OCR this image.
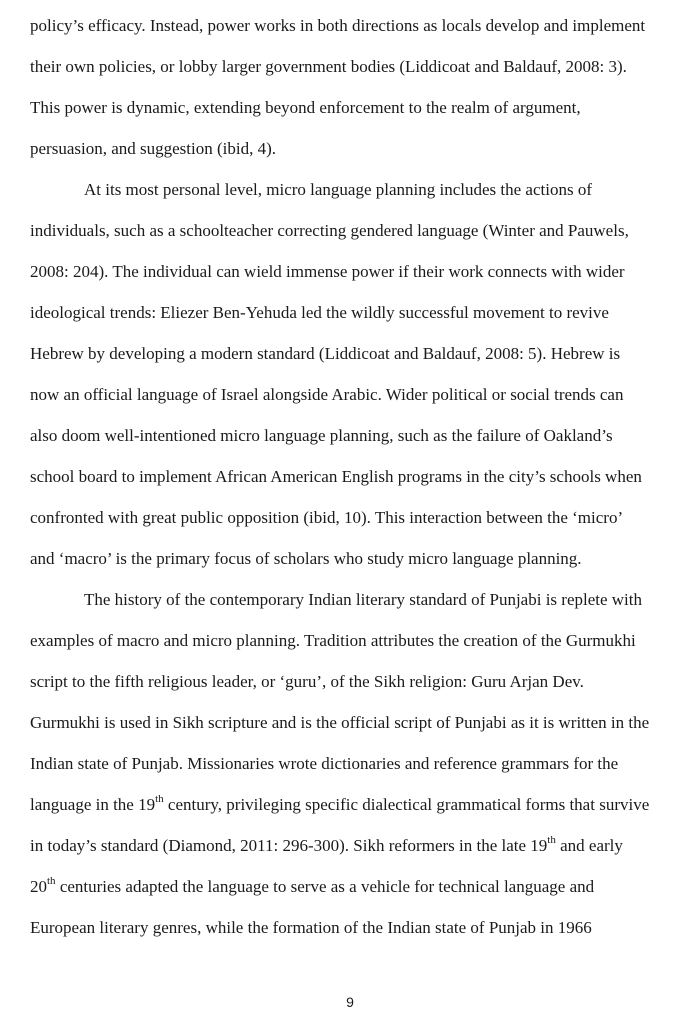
policy’s efficacy. Instead, power works in both directions as locals develop and implement
their own policies, or lobby larger government bodies (Liddicoat and Baldauf, 2008: 3).
This power is dynamic, extending beyond enforcement to the realm of argument,
persuasion, and suggestion (ibid, 4).
At its most personal level, micro language planning includes the actions of
individuals, such as a schoolteacher correcting gendered language (Winter and Pauwels,
2008: 204). The individual can wield immense power if their work connects with wider
ideological trends: Eliezer Ben-Yehuda led the wildly successful movement to revive
Hebrew by developing a modern standard (Liddicoat and Baldauf, 2008: 5). Hebrew is
now an official language of Israel alongside Arabic. Wider political or social trends can
also doom well-intentioned micro language planning, such as the failure of Oakland’s
school board to implement African American English programs in the city’s schools when
confronted with great public opposition (ibid, 10). This interaction between the ‘micro’
and ‘macro’ is the primary focus of scholars who study micro language planning.
The history of the contemporary Indian literary standard of Punjabi is replete with
examples of macro and micro planning. Tradition attributes the creation of the Gurmukhi
script to the fifth religious leader, or ‘guru’, of the Sikh religion: Guru Arjan Dev.
Gurmukhi is used in Sikh scripture and is the official script of Punjabi as it is written in the
Indian state of Punjab. Missionaries wrote dictionaries and reference grammars for the
language in the 19th century, privileging specific dialectical grammatical forms that survive
in today’s standard (Diamond, 2011: 296-300). Sikh reformers in the late 19th and early
20th centuries adapted the language to serve as a vehicle for technical language and
European literary genres, while the formation of the Indian state of Punjab in 1966
9
